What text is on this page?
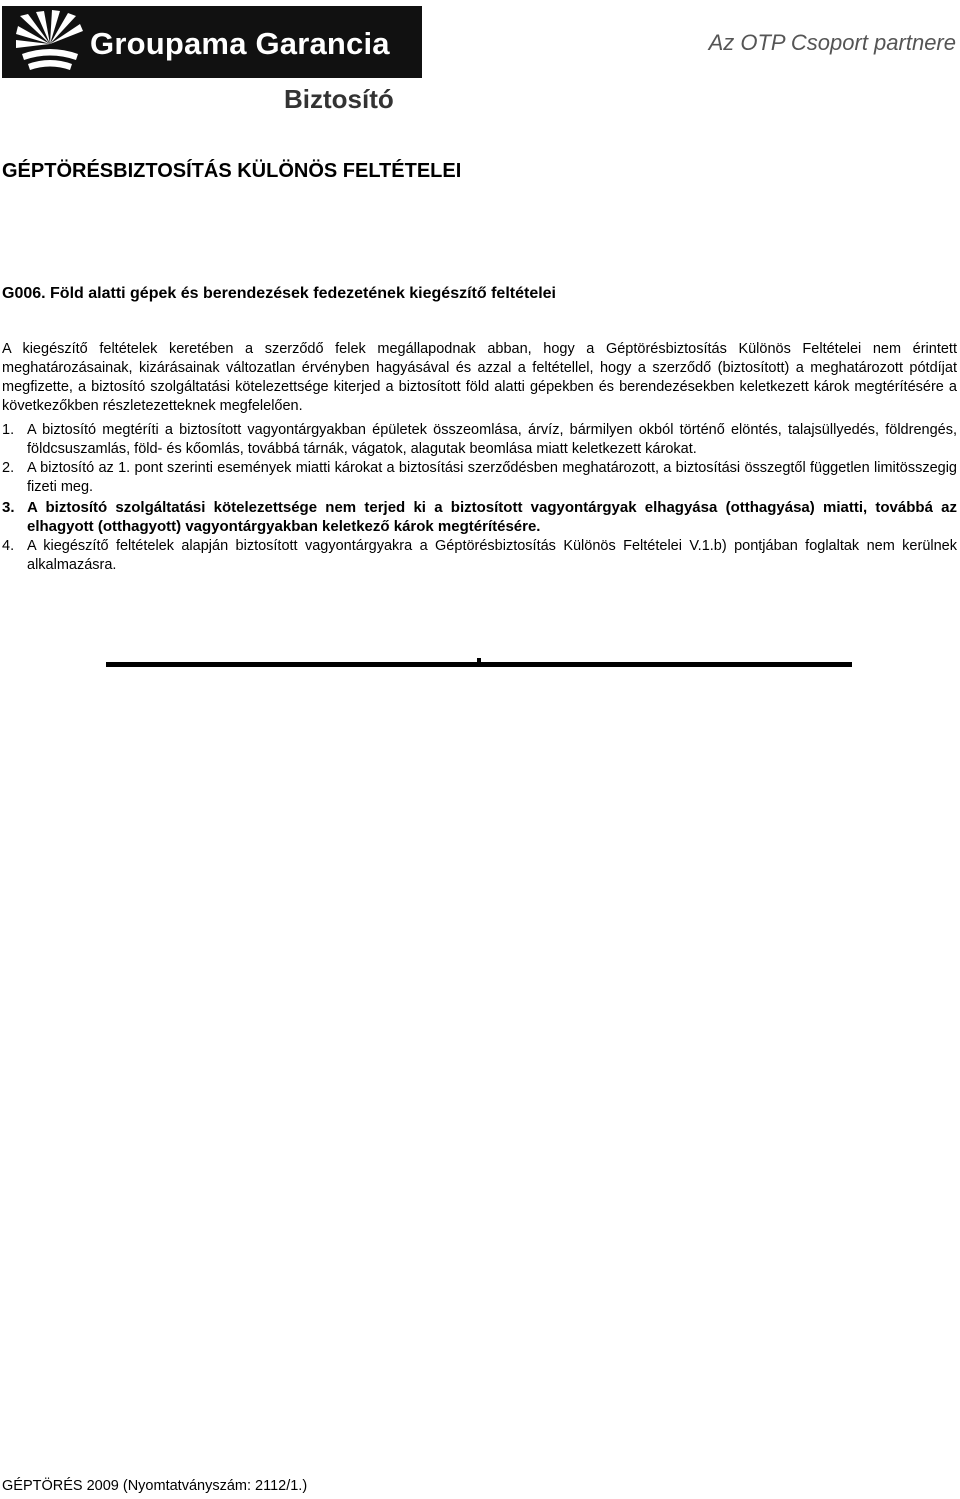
Groupama Garancia	Az OTP Csoport partnere
Biztosító
GÉPTÖRÉSBIZTOSÍTÁS KÜLÖNÖS FELTÉTELEI
G006. Föld alatti gépek és berendezések fedezetének kiegészítő feltételei

A kiegészítő feltételek keretében a szerződő felek megállapodnak abban, hogy a Géptörésbiztosítás Különös Feltételei nem érintett meghatározásainak, kizárásainak változatlan érvényben hagyásával és azzal a feltétellel, hogy a szerződő (biztosított) a meghatározott pótdíjat megfizette, a biztosító szolgáltatási kötelezettsége kiterjed a biztosított föld alatti gépekben és berendezésekben keletkezett károk megtérítésére a következőkben részletezetteknek megfelelően.

1. A biztosító megtéríti a biztosított vagyontárgyakban épületek összeomlása, árvíz, bármilyen okból történő elöntés, talajsüllyedés, földrengés, földcsuszamlás, föld- és kőomlás, továbbá tárnák, vágatok, alagutak beomlása miatt keletkezett károkat.
2. A biztosító az 1. pont szerinti események miatti károkat a biztosítási szerződésben meghatározott, a biztosítási összegtől független limitösszegig fizeti meg.
3. A biztosító szolgáltatási kötelezettsége nem terjed ki a biztosított vagyontárgyak elhagyása (otthagyása) miatti, továbbá az elhagyott (otthagyott) vagyontárgyakban keletkező károk megtérítésére.
4. A kiegészítő feltételek alapján biztosított vagyontárgyakra a Géptörésbiztosítás Különös Feltételei V.1.b) pontjában foglaltak nem kerülnek alkalmazásra.
GÉPTÖRÉS 2009 (Nyomtatványszám: 2112/1.)
